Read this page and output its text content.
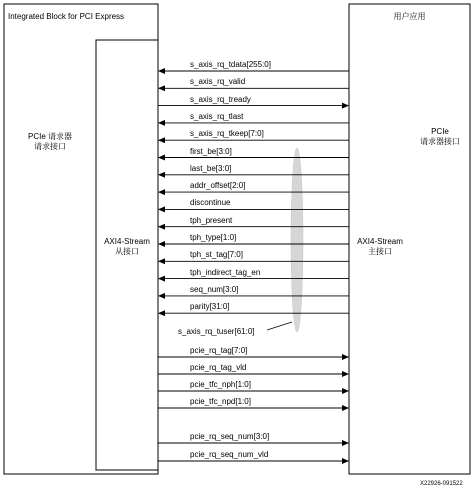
Integrated Block for PCI Express	用户应用
PCIe 请求器
请求接口
PCIe
请求器接口
AXI4-Stream
从接口
AXI4-Stream
主接口
s_axis_rq_tuser[61:0]
X22926-091522
s_axis_rq_tdata[255:0]
s_axis_rq_valid
s_axis_rq_tready
s_axis_rq_tlast
s_axis_rq_tkeep[7:0]
first_be[3:0]
last_be[3:0]
addr_offset[2:0]
discontinue
tph_present
tph_type[1:0]
tph_st_tag[7:0]
tph_indirect_tag_en
seq_num[3:0]
parity[31:0]
pcie_rq_tag[7:0]
pcie_rq_tag_vld
pcie_tfc_nph[1:0]
pcie_tfc_npd[1:0]
pcie_rq_seq_num[3:0]
pcie_rq_seq_num_vld
